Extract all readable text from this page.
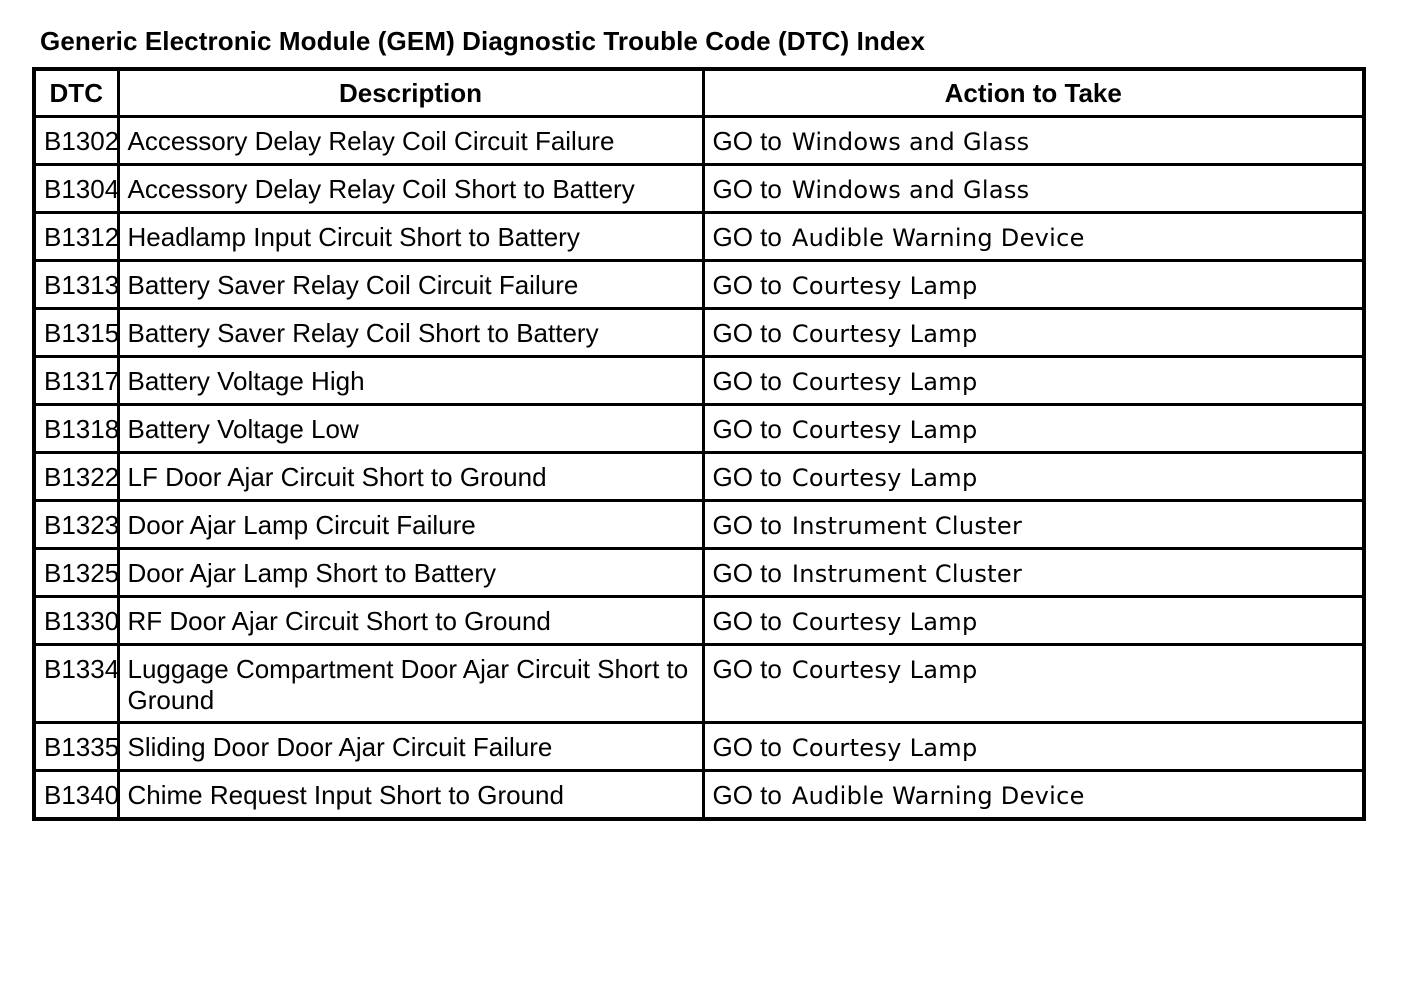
Generic Electronic Module (GEM) Diagnostic Trouble Code (DTC) Index
DTC	Description	Action to Take
B1302	Accessory Delay Relay Coil Circuit Failure	GO to Windows and Glass
B1304	Accessory Delay Relay Coil Short to Battery	GO to Windows and Glass
B1312	Headlamp Input Circuit Short to Battery	GO to Audible Warning Device
B1313	Battery Saver Relay Coil Circuit Failure	GO to Courtesy Lamp
B1315	Battery Saver Relay Coil Short to Battery	GO to Courtesy Lamp
B1317	Battery Voltage High	GO to Courtesy Lamp
B1318	Battery Voltage Low	GO to Courtesy Lamp
B1322	LF Door Ajar Circuit Short to Ground	GO to Courtesy Lamp
B1323	Door Ajar Lamp Circuit Failure	GO to Instrument Cluster
B1325	Door Ajar Lamp Short to Battery	GO to Instrument Cluster
B1330	RF Door Ajar Circuit Short to Ground	GO to Courtesy Lamp
B1334	Luggage Compartment Door Ajar Circuit Short to Ground	GO to Courtesy Lamp
B1335	Sliding Door Door Ajar Circuit Failure	GO to Courtesy Lamp
B1340	Chime Request Input Short to Ground	GO to Audible Warning Device
